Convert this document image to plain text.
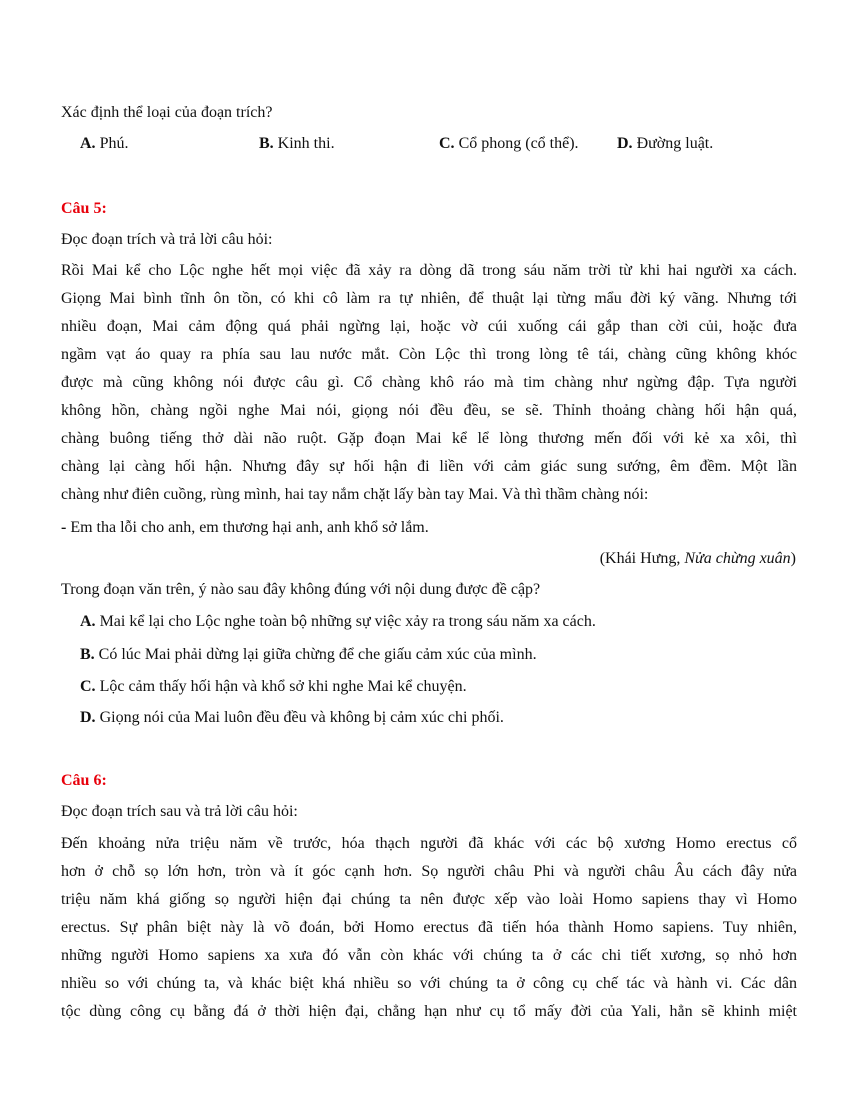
Xác định thể loại của đoạn trích?
A. Phú.	B. Kinh thi.	C. Cổ phong (cổ thể). D. Đường luật.
Câu 5:
Đọc đoạn trích và trả lời câu hỏi:
Rồi Mai kể cho Lộc nghe hết mọi việc đã xảy ra dòng dã trong sáu năm trời từ khi hai người xa cách.
Giọng Mai bình tĩnh ôn tồn, có khi cô làm ra tự nhiên, để thuật lại từng mẩu đời ký vãng. Nhưng tới
nhiều đoạn, Mai cảm động quá phải ngừng lại, hoặc vờ cúi xuống cái gắp than cời củi, hoặc đưa
ngầm vạt áo quay ra phía sau lau nước mắt. Còn Lộc thì trong lòng tê tái, chàng cũng không khóc
được mà cũng không nói được câu gì. Cổ chàng khô ráo mà tim chàng như ngừng đập. Tựa người
không hồn, chàng ngồi nghe Mai nói, giọng nói đều đều, se sẽ. Thỉnh thoảng chàng hối hận quá,
chàng buông tiếng thở dài não ruột. Gặp đoạn Mai kể lể lòng thương mến đối với kẻ xa xôi, thì
chàng lại càng hối hận. Nhưng đây sự hối hận đi liền với cảm giác sung sướng, êm đềm. Một lần
chàng như điên cuồng, rùng mình, hai tay nắm chặt lấy bàn tay Mai. Và thì thầm chàng nói:
- Em tha lỗi cho anh, em thương hại anh, anh khổ sở lắm.
(Khái Hưng, Nửa chừng xuân)
Trong đoạn văn trên, ý nào sau đây không đúng với nội dung được đề cập?
A. Mai kể lại cho Lộc nghe toàn bộ những sự việc xảy ra trong sáu năm xa cách.
B. Có lúc Mai phải dừng lại giữa chừng để che giấu cảm xúc của mình.
C. Lộc cảm thấy hối hận và khổ sở khi nghe Mai kể chuyện.
D. Giọng nói của Mai luôn đều đều và không bị cảm xúc chi phối.
Câu 6:
Đọc đoạn trích sau và trả lời câu hỏi:
Đến khoảng nửa triệu năm về trước, hóa thạch người đã khác với các bộ xương Homo erectus cổ
hơn ở chỗ sọ lớn hơn, tròn và ít góc cạnh hơn. Sọ người châu Phi và người châu Âu cách đây nửa
triệu năm khá giống sọ người hiện đại chúng ta nên được xếp vào loài Homo sapiens thay vì Homo
erectus. Sự phân biệt này là võ đoán, bởi Homo erectus đã tiến hóa thành Homo sapiens. Tuy nhiên,
những người Homo sapiens xa xưa đó vẫn còn khác với chúng ta ở các chi tiết xương, sọ nhỏ hơn
nhiều so với chúng ta, và khác biệt khá nhiều so với chúng ta ở công cụ chế tác và hành vi. Các dân
tộc dùng công cụ bằng đá ở thời hiện đại, chẳng hạn như cụ tổ mấy đời của Yali, hẳn sẽ khinh miệt
